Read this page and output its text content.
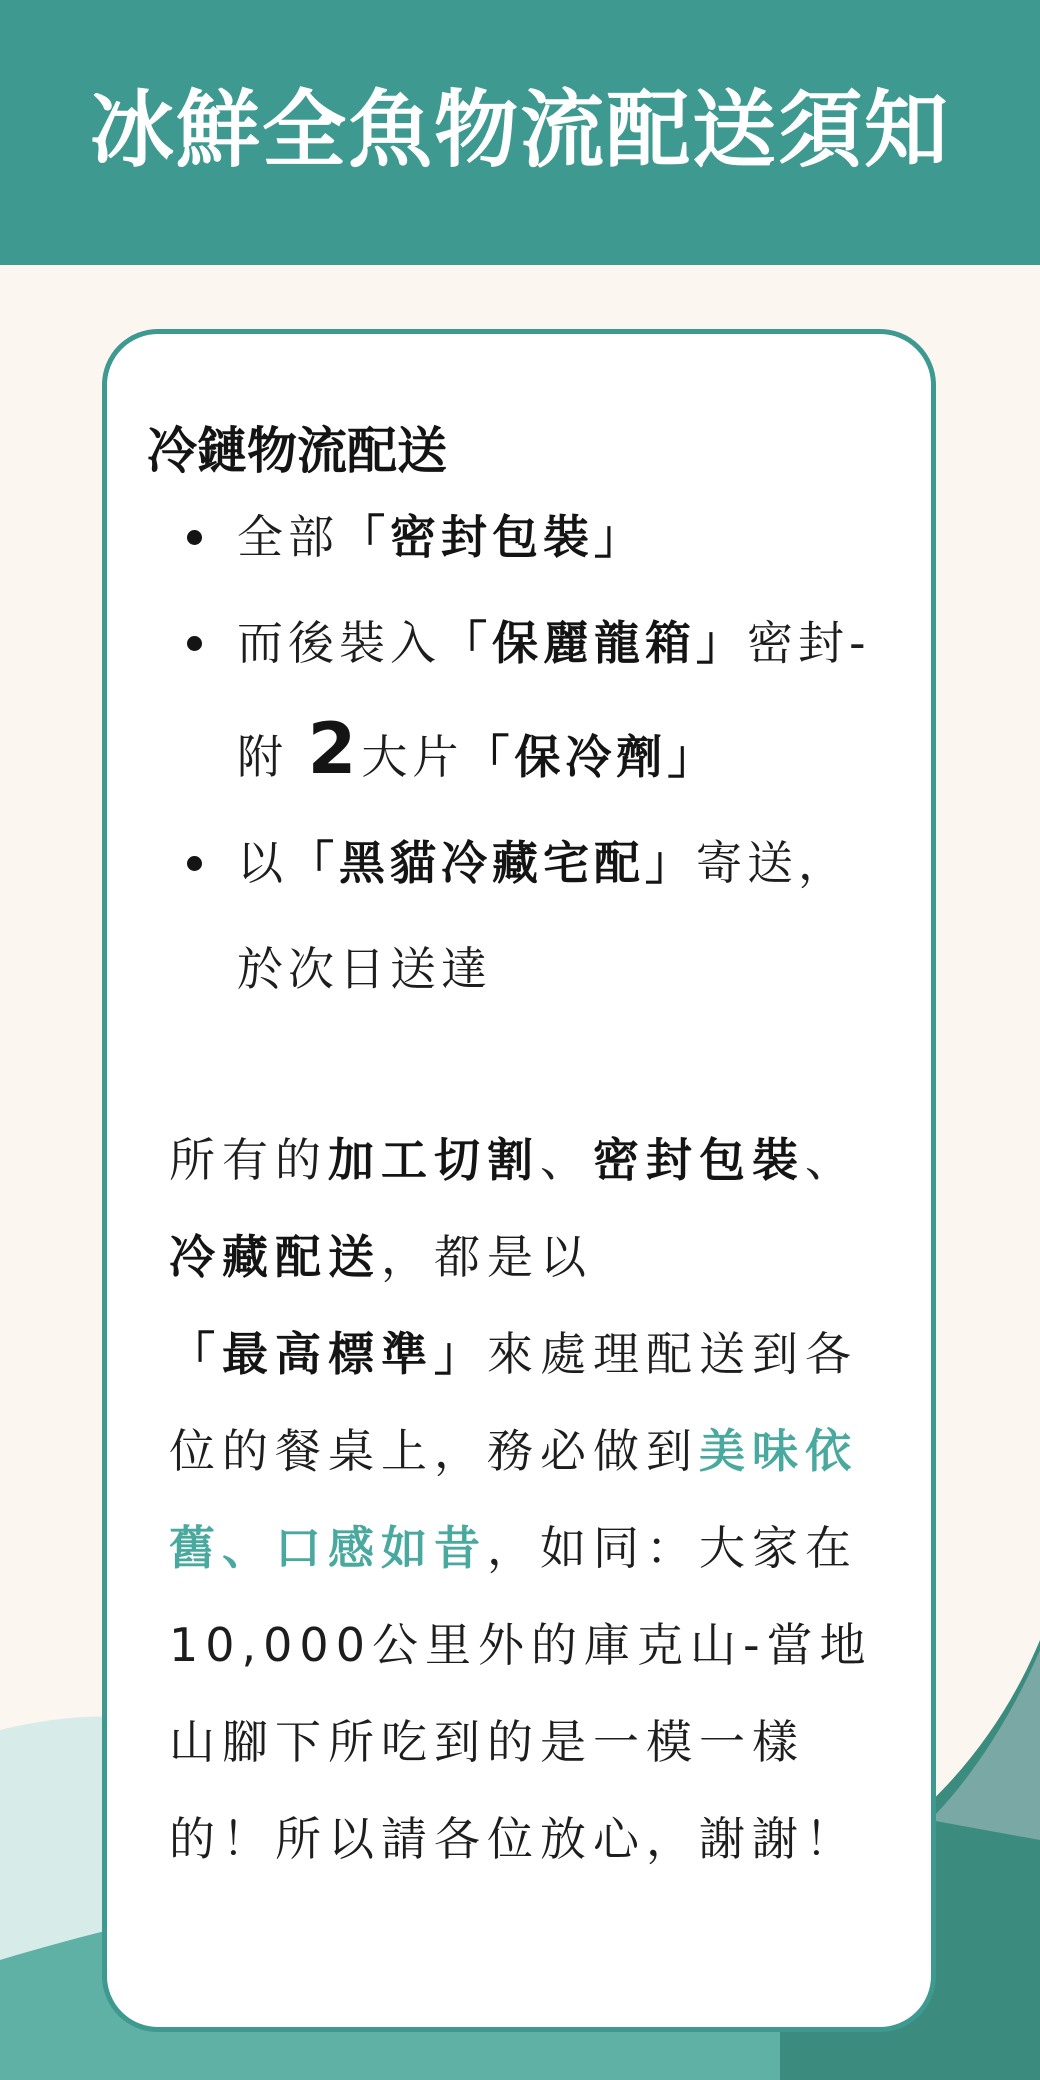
冰鮮全魚物流配送須知
冷鏈物流配送
全部「密封包裝」
而後裝入「保麗龍箱」密封-附 2大片「保冷劑」
以「黑貓冷藏宅配」寄送，於次日送達
所有的加工切割、密封包裝、冷藏配送，都是以「最高標準」來處理配送到各位的餐桌上，務必做到美味依舊、口感如昔，如同：大家在10,000公里外的庫克山-當地山腳下所吃到的是一模一樣的！所以請各位放心，謝謝！
